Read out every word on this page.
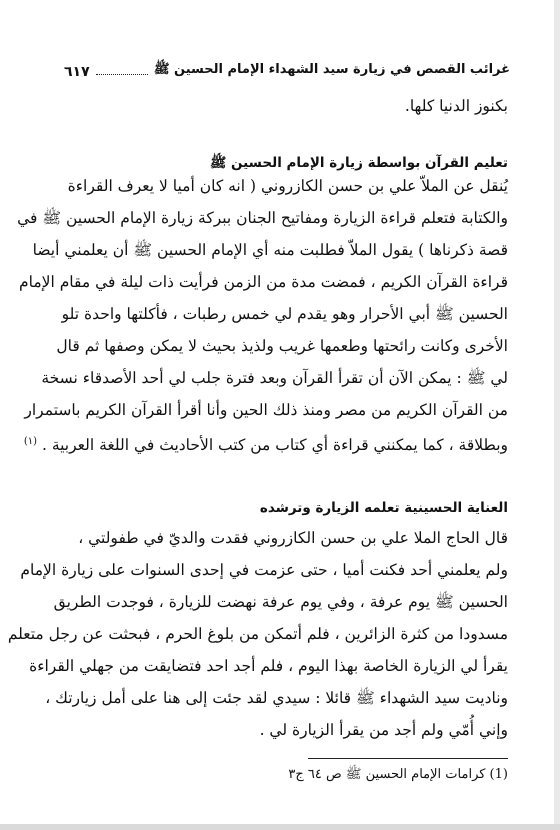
غرائب القصص في زيارة سيد الشهداء الإمام الحسين ﷺ
٦١٧
بكنوز الدنيا كلها.
تعليم القرآن بواسطة زيارة الإمام الحسين ﷺ
يُنقل عن الملاّ علي بن حسن الكازروني ( انه كان أميا لا يعرف القراءة
والكتابة فتعلم قراءة الزيارة ومفاتيح الجنان ببركة زيارة الإمام الحسين ﷺ في
قصة ذكرناها ) يقول الملاّ فطلبت منه أي الإمام الحسين ﷺ أن يعلمني أيضا
قراءة القرآن الكريم ، فمضت مدة من الزمن فرأيت ذات ليلة في مقام الإمام
الحسين ﷺ أبي الأحرار وهو يقدم لي خمس رطبات ، فأكلتها واحدة تلو
الأخرى وكانت رائحتها وطعمها غريب ولذيذ بحيث لا يمكن وصفها ثم قال
لي ﷺ : يمكن الآن أن تقرأ القرآن وبعد فترة جلب لي أحد الأصدقاء نسخة
من القرآن الكريم من مصر ومنذ ذلك الحين وأنا أقرأ القرآن الكريم باستمرار
وبطلاقة ، كما يمكنني قراءة أي كتاب من كتب الأحاديث في اللغة العربية . $^{(١)}$
العناية الحسينية تعلمه الزيارة وترشده
قال الحاج الملا علي بن حسن الكازروني فقدت والديّ في طفولتي ،
ولم يعلمني أحد فكنت أميا ، حتى عزمت في إحدى السنوات على زيارة الإمام
الحسين ﷺ يوم عرفة ، وفي يوم عرفة نهضت للزيارة ، فوجدت الطريق
مسدودا من كثرة الزائرين ، فلم أتمكن من بلوغ الحرم ، فبحثت عن رجل متعلم
يقرأ لي الزيارة الخاصة بهذا اليوم ، فلم أجد احد فتضايقت من جهلي القراءة
وناديت سيد الشهداء ﷺ قائلا : سيدي لقد جئت إلى هنا على أمل زيارتك ،
وإني أُمّي ولم أجد من يقرأ الزيارة لي .
(1) كرامات الإمام الحسين ﷺ ص ٦٤ ج٣
